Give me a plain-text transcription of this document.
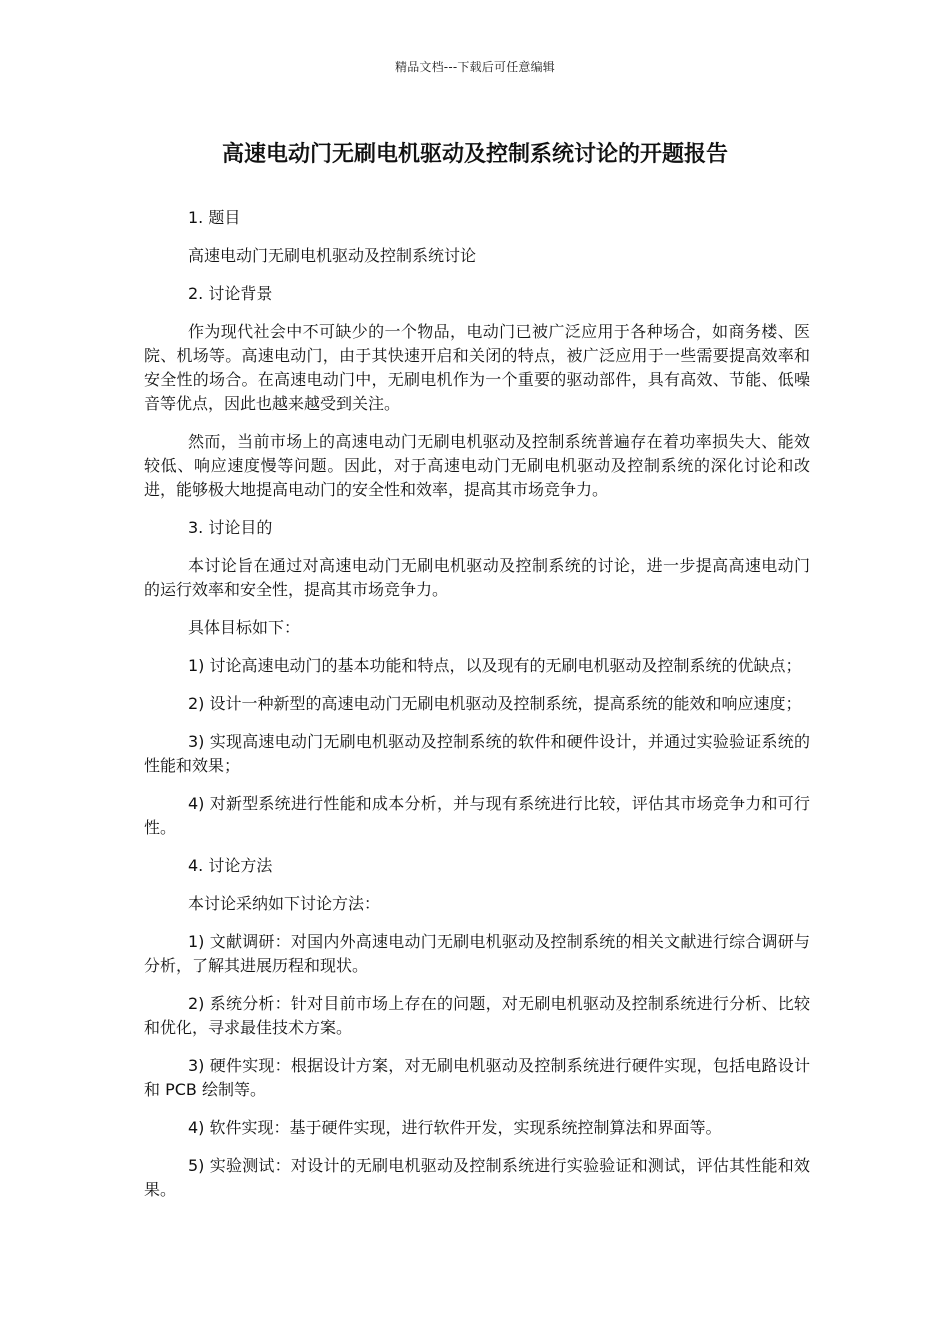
精品文档---下载后可任意编辑
高速电动门无刷电机驱动及控制系统讨论的开题报告

1. 题目

高速电动门无刷电机驱动及控制系统讨论

2. 讨论背景

作为现代社会中不可缺少的一个物品，电动门已被广泛应用于各种场合，如商务楼、医院、机场等。高速电动门，由于其快速开启和关闭的特点，被广泛应用于一些需要提高效率和安全性的场合。在高速电动门中，无刷电机作为一个重要的驱动部件，具有高效、节能、低噪音等优点，因此也越来越受到关注。

然而，当前市场上的高速电动门无刷电机驱动及控制系统普遍存在着功率损失大、能效较低、响应速度慢等问题。因此，对于高速电动门无刷电机驱动及控制系统的深化讨论和改进，能够极大地提高电动门的安全性和效率，提高其市场竞争力。

3. 讨论目的

本讨论旨在通过对高速电动门无刷电机驱动及控制系统的讨论，进一步提高高速电动门的运行效率和安全性，提高其市场竞争力。

具体目标如下：

1) 讨论高速电动门的基本功能和特点，以及现有的无刷电机驱动及控制系统的优缺点；

2) 设计一种新型的高速电动门无刷电机驱动及控制系统，提高系统的能效和响应速度；

3) 实现高速电动门无刷电机驱动及控制系统的软件和硬件设计，并通过实验验证系统的性能和效果；

4) 对新型系统进行性能和成本分析，并与现有系统进行比较，评估其市场竞争力和可行性。

4. 讨论方法

本讨论采纳如下讨论方法：

1) 文献调研：对国内外高速电动门无刷电机驱动及控制系统的相关文献进行综合调研与分析，了解其进展历程和现状。

2) 系统分析：针对目前市场上存在的问题，对无刷电机驱动及控制系统进行分析、比较和优化，寻求最佳技术方案。

3) 硬件实现：根据设计方案，对无刷电机驱动及控制系统进行硬件实现，包括电路设计和 PCB 绘制等。

4) 软件实现：基于硬件实现，进行软件开发，实现系统控制算法和界面等。

5) 实验测试：对设计的无刷电机驱动及控制系统进行实验验证和测试，评估其性能和效果。
